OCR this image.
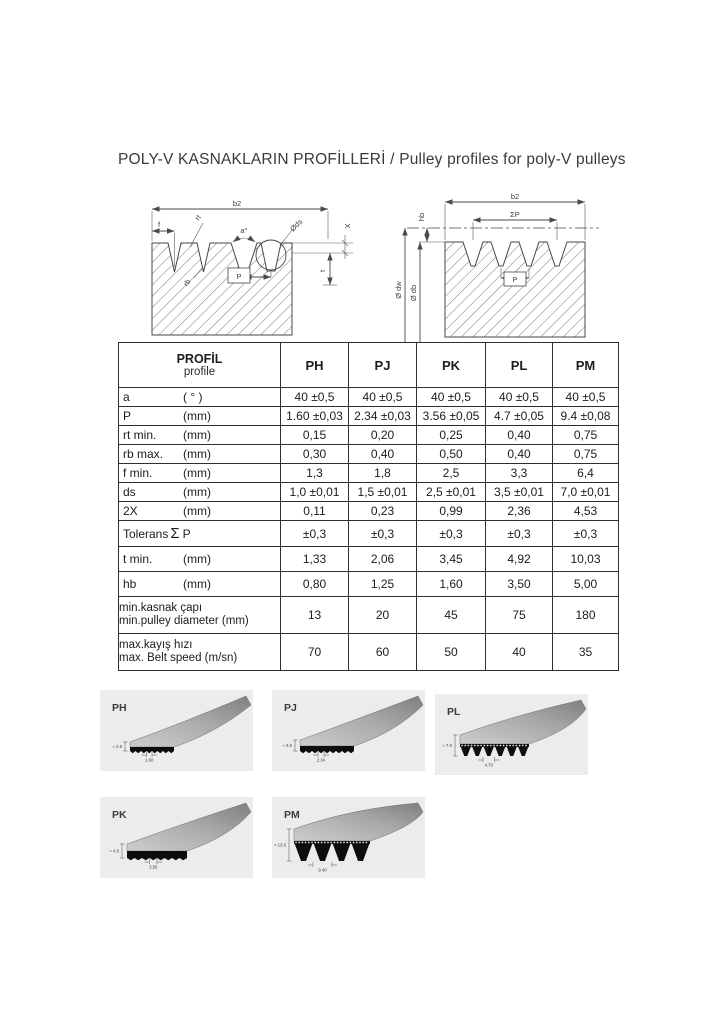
POLY-V KASNAKLARIN PROFİLLERİ / Pulley profiles for poly-V pulleys
b2
f
rt
a°	Øds	X
t
rb
P
b2
ΣP
hb
Ø dw Ø db
P
PROFİL
profile	PH	PJ	PK	PL	PM
a ( ° )	40 ±0,5	40 ±0,5	40 ±0,5	40 ±0,5	40 ±0,5
P (mm)	1.60 ±0,03	2.34 ±0,03	3.56 ±0,05	4.7 ±0,05	9.4 ±0,08
rt min. (mm)	0,15	0,20	0,25	0,40	0,75
rb max. (mm)	0,30	0,40	0,50	0,40	0,75
f min. (mm)	1,3	1,8	2,5	3,3	6,4
ds (mm)	1,0 ±0,01	1,5 ±0,01	2,5 ±0,01	3,5 ±0,01	7,0 ±0,01
2X (mm)	0,11	0,23	0,99	2,36	4,53
Tolerans Σ P	±0,3	±0,3	±0,3	±0,3	±0,3
t min. (mm)	1,33	2,06	3,45	4,92	10,03
hb (mm)	0,80	1,25	1,60	3,50	5,00

min.kasnak çapı
min.pulley diameter (mm)	13	20	45	75	180

max.kayış hızı
max. Belt speed (m/sn)	70	60	50	40	35
≈ 2.5
1.60
PH
≈ 3.5
2.34
PJ
≈ 7.0
4.70
PL
≈ 4.0
3.56
PK
≈ 13.0
9.40
PM
